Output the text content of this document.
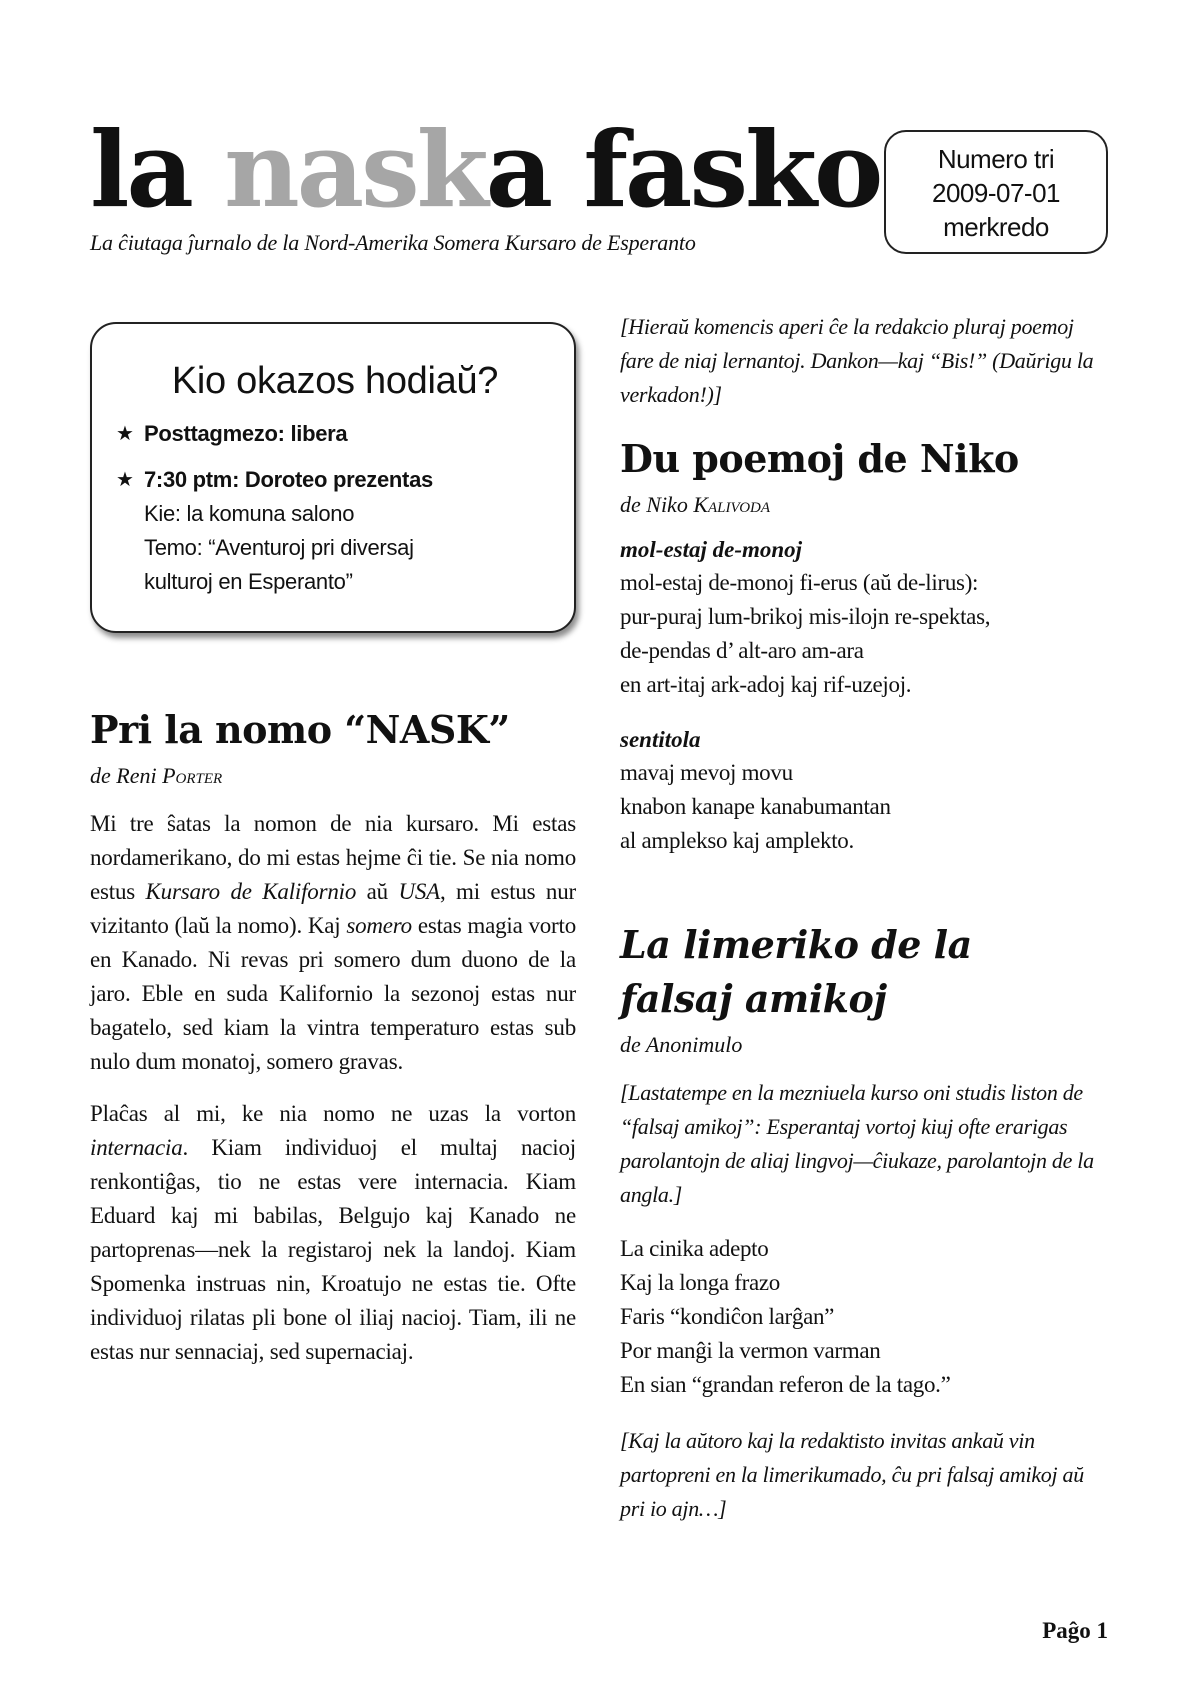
la naska fasko
La ĉiutaga ĵurnalo de la Nord-Amerika Somera Kursaro de Esperanto
Numero tri
2009-07-01
merkredo
Kio okazos hodiaŭ?
★ Posttagmezo: libera
★ 7:30 ptm: Doroteo prezentas
Kie: la komuna salono
Temo: “Aventuroj pri diversaj
kulturoj en Esperanto”
Pri la nomo “NASK”
de Reni Porter

Mi tre ŝatas la nomon de nia kursaro. Mi estas nordamerikano, do mi estas hejme ĉi tie. Se nia nomo estus Kursaro de Kalifornio aŭ USA, mi estus nur vizitanto (laŭ la nomo). Kaj somero estas magia vorto en Kanado. Ni revas pri somero dum duono de la jaro. Eble en suda Kalifornio la sezonoj estas nur bagatelo, sed kiam la vintra temperaturo estas sub nulo dum monatoj, somero gravas.

Plaĉas al mi, ke nia nomo ne uzas la vorton internacia. Kiam individuoj el multaj nacioj renkontiĝas, tio ne estas vere internacia. Kiam Eduard kaj mi babilas, Belgujo kaj Kanado ne partoprenas—nek la registaroj nek la landoj. Kiam Spomenka instruas nin, Kroatujo ne estas tie. Ofte individuoj rilatas pli bone ol iliaj nacioj. Tiam, ili ne estas nur sennaciaj, sed supernaciaj.

[Hieraŭ komencis aperi ĉe la redakcio pluraj poemoj fare de niaj lernantoj. Dankon—kaj “Bis!” (Daŭrigu la verkadon!)]

Du poemoj de Niko
de Niko Kalivoda
mol-estaj de-monoj
mol-estaj de-monoj fi-erus (aŭ de-lirus):
pur-puraj lum-brikoj mis-ilojn re-spektas,
de-pendas d’ alt-aro am-ara
en art-itaj ark-adoj kaj rif-uzejoj.
sentitola
mavaj mevoj movu
knabon kanape kanabumantan
al amplekso kaj amplekto.
La limeriko de la
falsaj amikoj
de Anonimulo

[Lastatempe en la mezniuela kurso oni studis liston de “falsaj amikoj”: Esperantaj vortoj kiuj ofte erarigas parolantojn de aliaj lingvoj—ĉiukaze, parolantojn de la angla.]

La cinika adepto
Kaj la longa frazo
Faris “kondiĉon larĝan”
Por manĝi la vermon varman
En sian “grandan referon de la tago.”

[Kaj la aŭtoro kaj la redaktisto invitas ankaŭ vin partopreni en la limerikumado, ĉu pri falsaj amikoj aŭ pri io ajn…]

Paĝo 1
